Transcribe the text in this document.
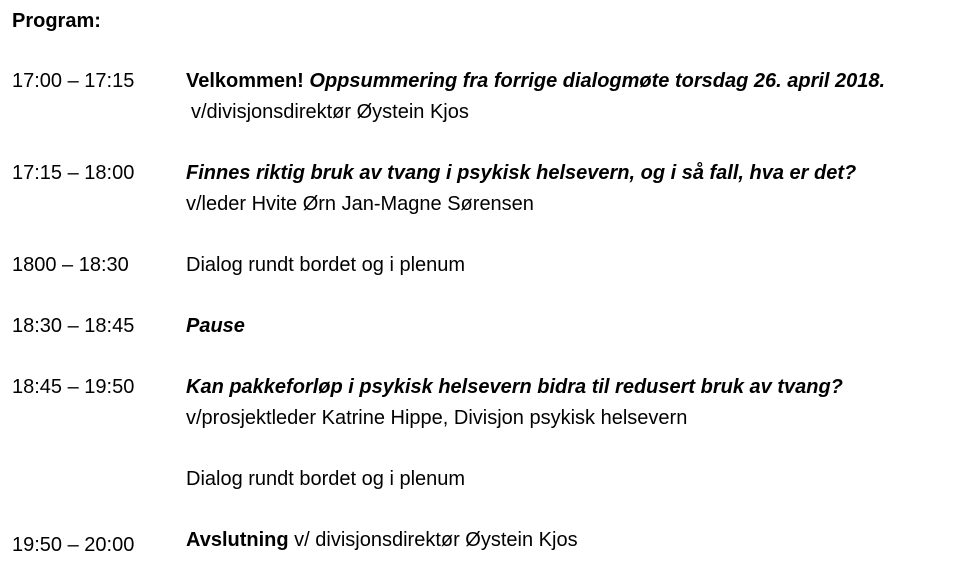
Program:
17:00 – 17:15	Velkommen! Oppsummering fra forrige dialogmøte torsdag 26. april 2018.
v/divisjonsdirektør Øystein Kjos
17:15 – 18:00	Finnes riktig bruk av tvang i psykisk helsevern, og i så fall, hva er det?
v/leder Hvite Ørn Jan-Magne Sørensen
1800 – 18:30	Dialog rundt bordet og i plenum
18:30 – 18:45	Pause
18:45 – 19:50	Kan pakkeforløp i psykisk helsevern bidra til redusert bruk av tvang?
v/prosjektleder Katrine Hippe, Divisjon psykisk helsevern
Dialog rundt bordet og i plenum
19:50 – 20:00	Avslutning v/ divisjonsdirektør Øystein Kjos
